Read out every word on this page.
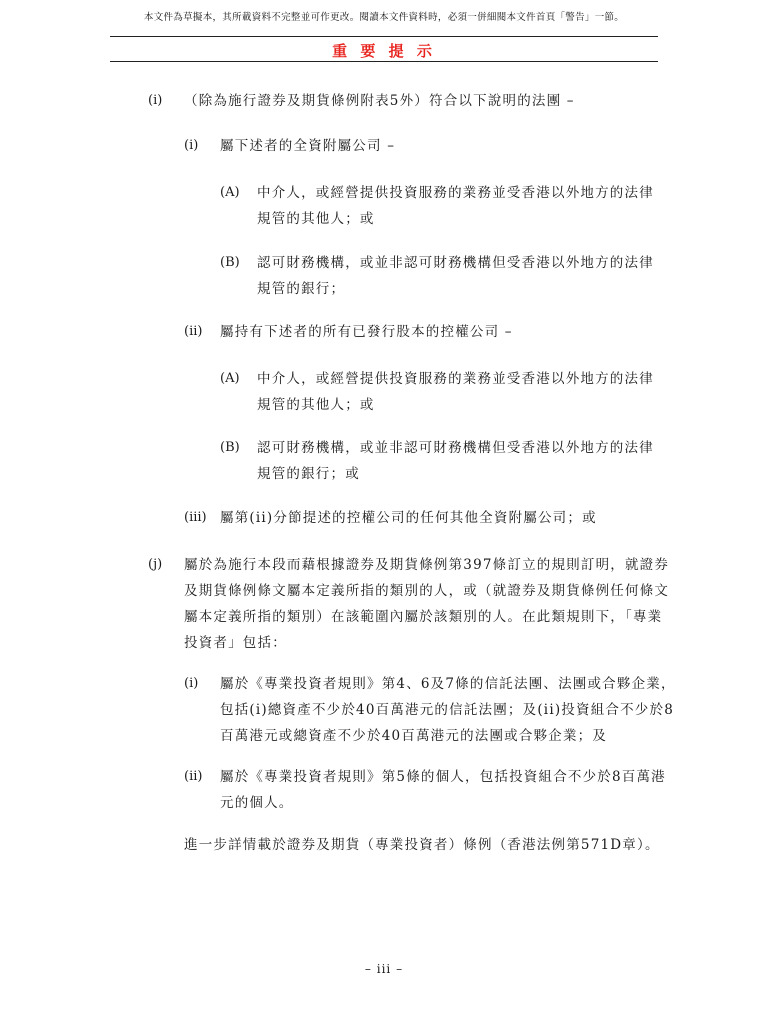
本文件為草擬本，其所載資料不完整並可作更改。閱讀本文件資料時，必須一併細閱本文件首頁「警告」一節。
重 要 提 示
(i) （除為施行證券及期貨條例附表5外）符合以下說明的法團 –
(i) 屬下述者的全資附屬公司 –
(A) 中介人，或經營提供投資服務的業務並受香港以外地方的法律
規管的其他人；或
(B) 認可財務機構，或並非認可財務機構但受香港以外地方的法律
規管的銀行；
(ii) 屬持有下述者的所有已發行股本的控權公司 –
(A) 中介人，或經營提供投資服務的業務並受香港以外地方的法律
規管的其他人；或
(B) 認可財務機構，或並非認可財務機構但受香港以外地方的法律
規管的銀行；或
(iii) 屬第(ii)分節提述的控權公司的任何其他全資附屬公司；或
(j) 屬於為施行本段而藉根據證券及期貨條例第397條訂立的規則訂明，就證券
及期貨條例條文屬本定義所指的類別的人，或（就證券及期貨條例任何條文
屬本定義所指的類別）在該範圍內屬於該類別的人。在此類規則下，「專業
投資者」包括：
(i) 屬於《專業投資者規則》第4、6及7條的信託法團、法團或合夥企業，
包括(i)總資產不少於40百萬港元的信託法團；及(ii)投資組合不少於8
百萬港元或總資產不少於40百萬港元的法團或合夥企業；及
(ii) 屬於《專業投資者規則》第5條的個人，包括投資組合不少於8百萬港
元的個人。
進一步詳情載於證券及期貨（專業投資者）條例（香港法例第571D章）。
– iii –
